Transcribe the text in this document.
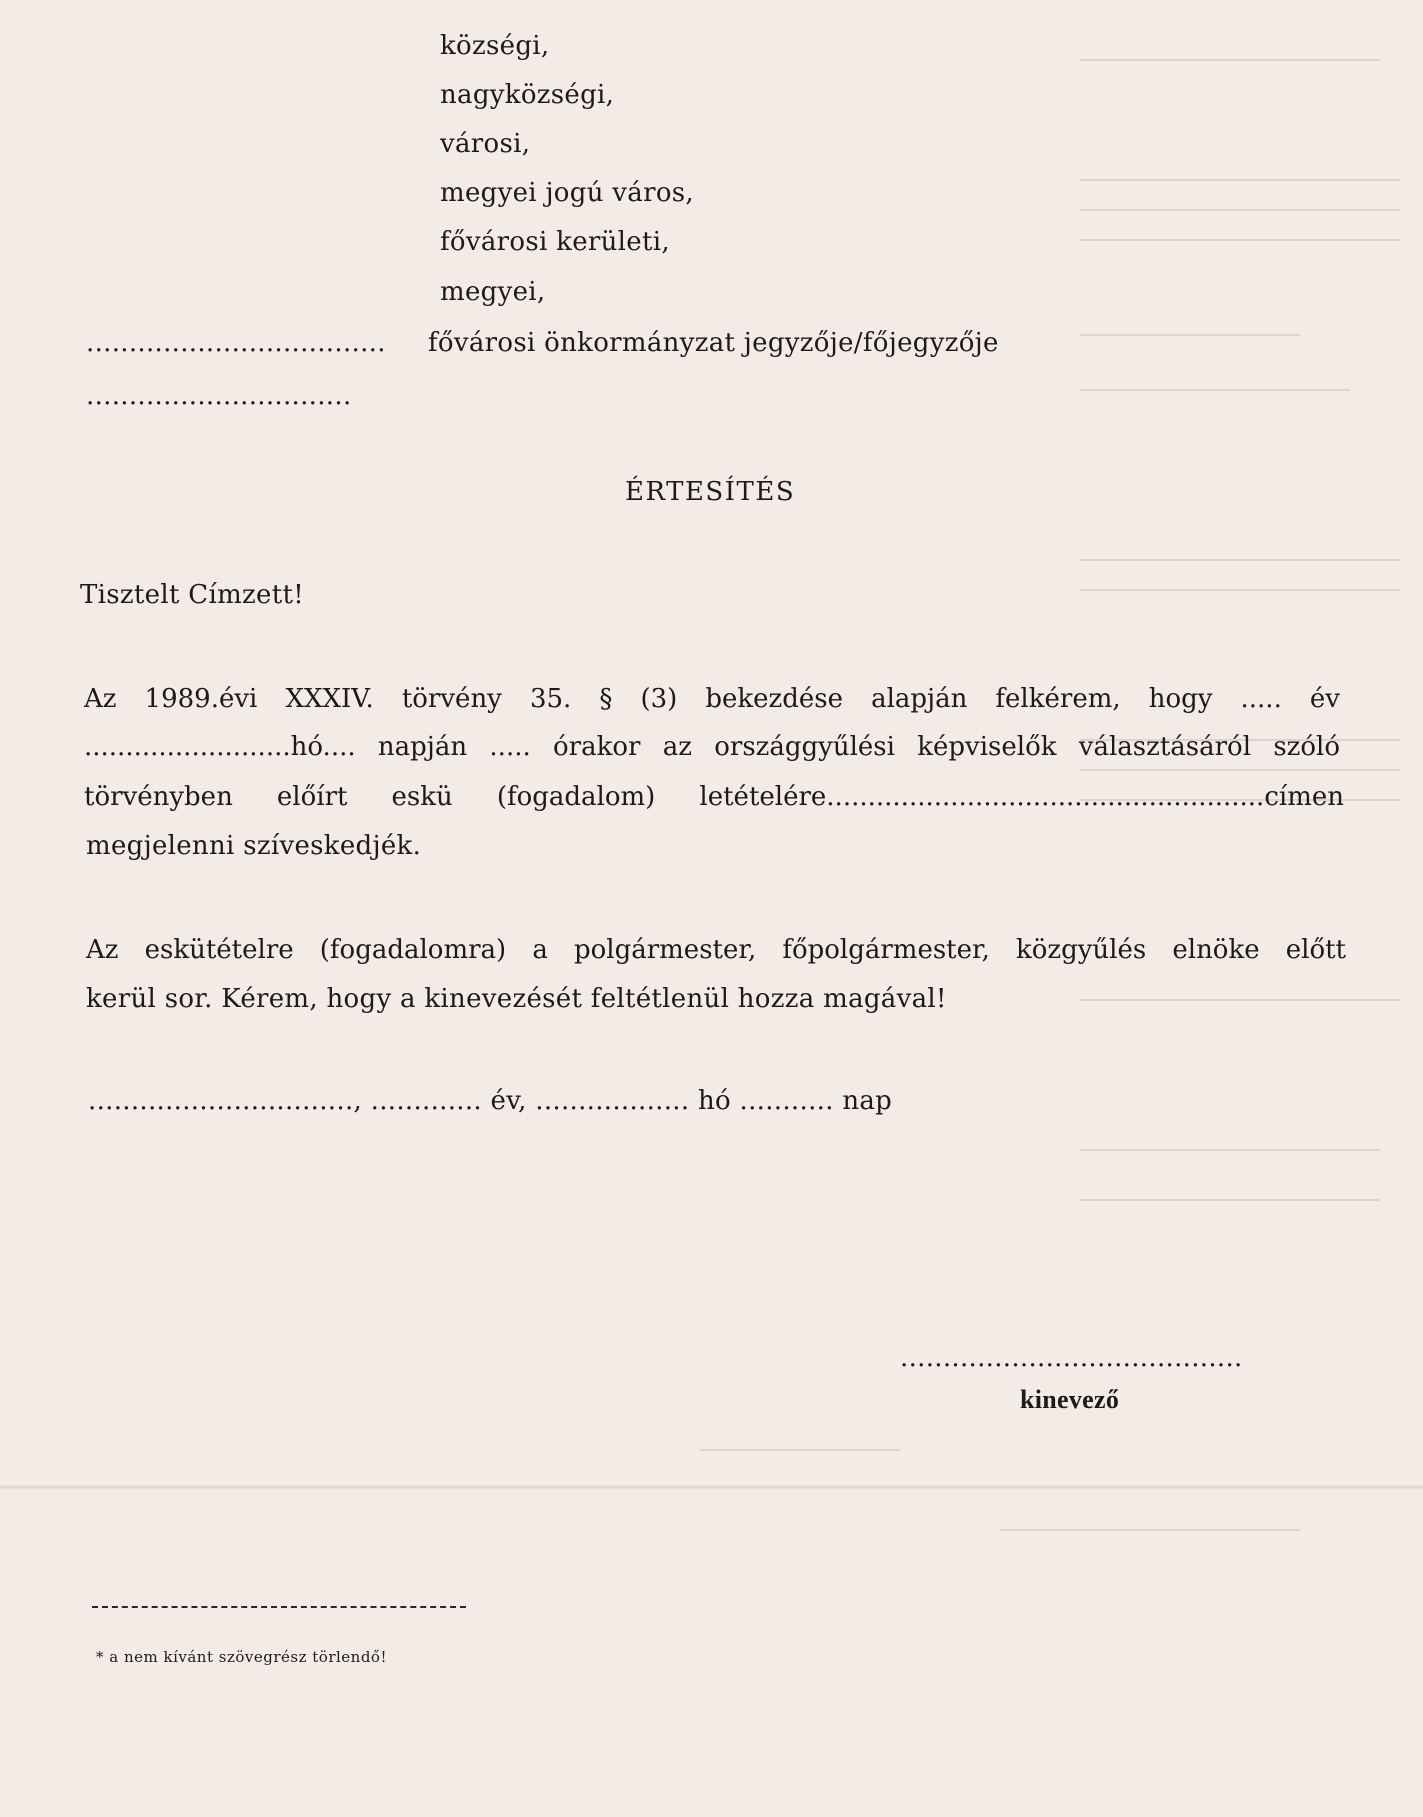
községi,
nagyközségi,
városi,
megyei jogú város,
fővárosi kerületi,
megyei,
................................... fővárosi önkormányzat jegyzője/főjegyzője
...............................
ÉRTESÍTÉS
Tisztelt Címzett!
Az 1989.évi XXXIV. törvény 35. § (3) bekezdése alapján felkérem, hogy ..... év
.........................hó.... napján ..... órakor az országgyűlési képviselők választásáról szóló
törvényben előírt eskü (fogadalom) letételére.....................................................címen
megjelenni szíveskedjék.
Az eskütételre (fogadalomra) a polgármester, főpolgármester, közgyűlés elnöke előtt
kerül sor. Kérem, hogy a kinevezését feltétlenül hozza magával!
..............................., ............. év, .................. hó ........... nap
........................................
kinevező
* a nem kívánt szövegrész törlendő!
